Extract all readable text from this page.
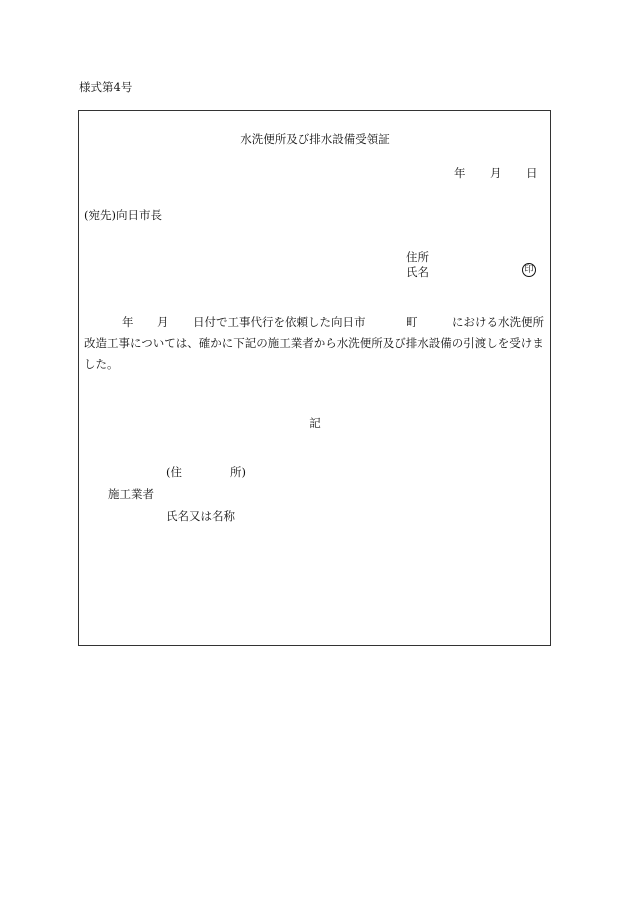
様式第4号
水洗便所及び排水設備受領証
年 月 日
(宛先)向日市長
住所
氏名	印
年 月 日付で工事代行を依頼した向日市	町	における水洗便所
改造工事については、確かに下記の施工業者から水洗便所及び排水設備の引渡しを受けま
した。
記
(住	所)
施工業者
氏名又は名称
